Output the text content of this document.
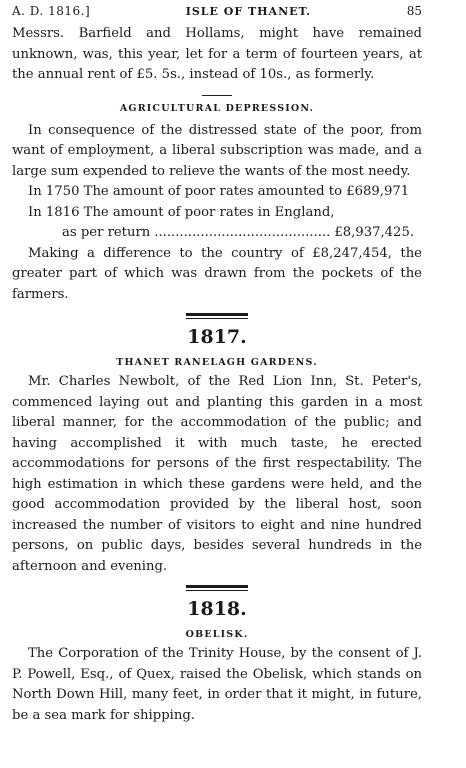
A. D. 1816.]	ISLE OF THANET.	85

Messrs. Barfield and Hollams, might have remained unknown, was, this year, let for a term of fourteen years, at the annual rent of £5. 5s., instead of 10s., as formerly.

AGRICULTURAL DEPRESSION.

In consequence of the distressed state of the poor, from want of employment, a liberal subscription was made, and a large sum expended to relieve the wants of the most needy.

In 1750 The amount of poor rates amounted to £689,971
In 1816 The amount of poor rates in England,
as per return .......................................... £8,937,425.

Making a difference to the country of £8,247,454, the greater part of which was drawn from the pockets of the farmers.

1817.

THANET RANELAGH GARDENS.

Mr. Charles Newbolt, of the Red Lion Inn, St. Peter's, commenced laying out and planting this garden in a most liberal manner, for the accommodation of the public; and having accomplished it with much taste, he erected accommodations for persons of the first respectability. The high estimation in which these gardens were held, and the good accommodation provided by the liberal host, soon increased the number of visitors to eight and nine hundred persons, on public days, besides several hundreds in the afternoon and evening.

1818.

OBELISK.

The Corporation of the Trinity House, by the consent of J. P. Powell, Esq., of Quex, raised the Obelisk, which stands on North Down Hill, many feet, in order that it might, in future, be a sea mark for shipping.
